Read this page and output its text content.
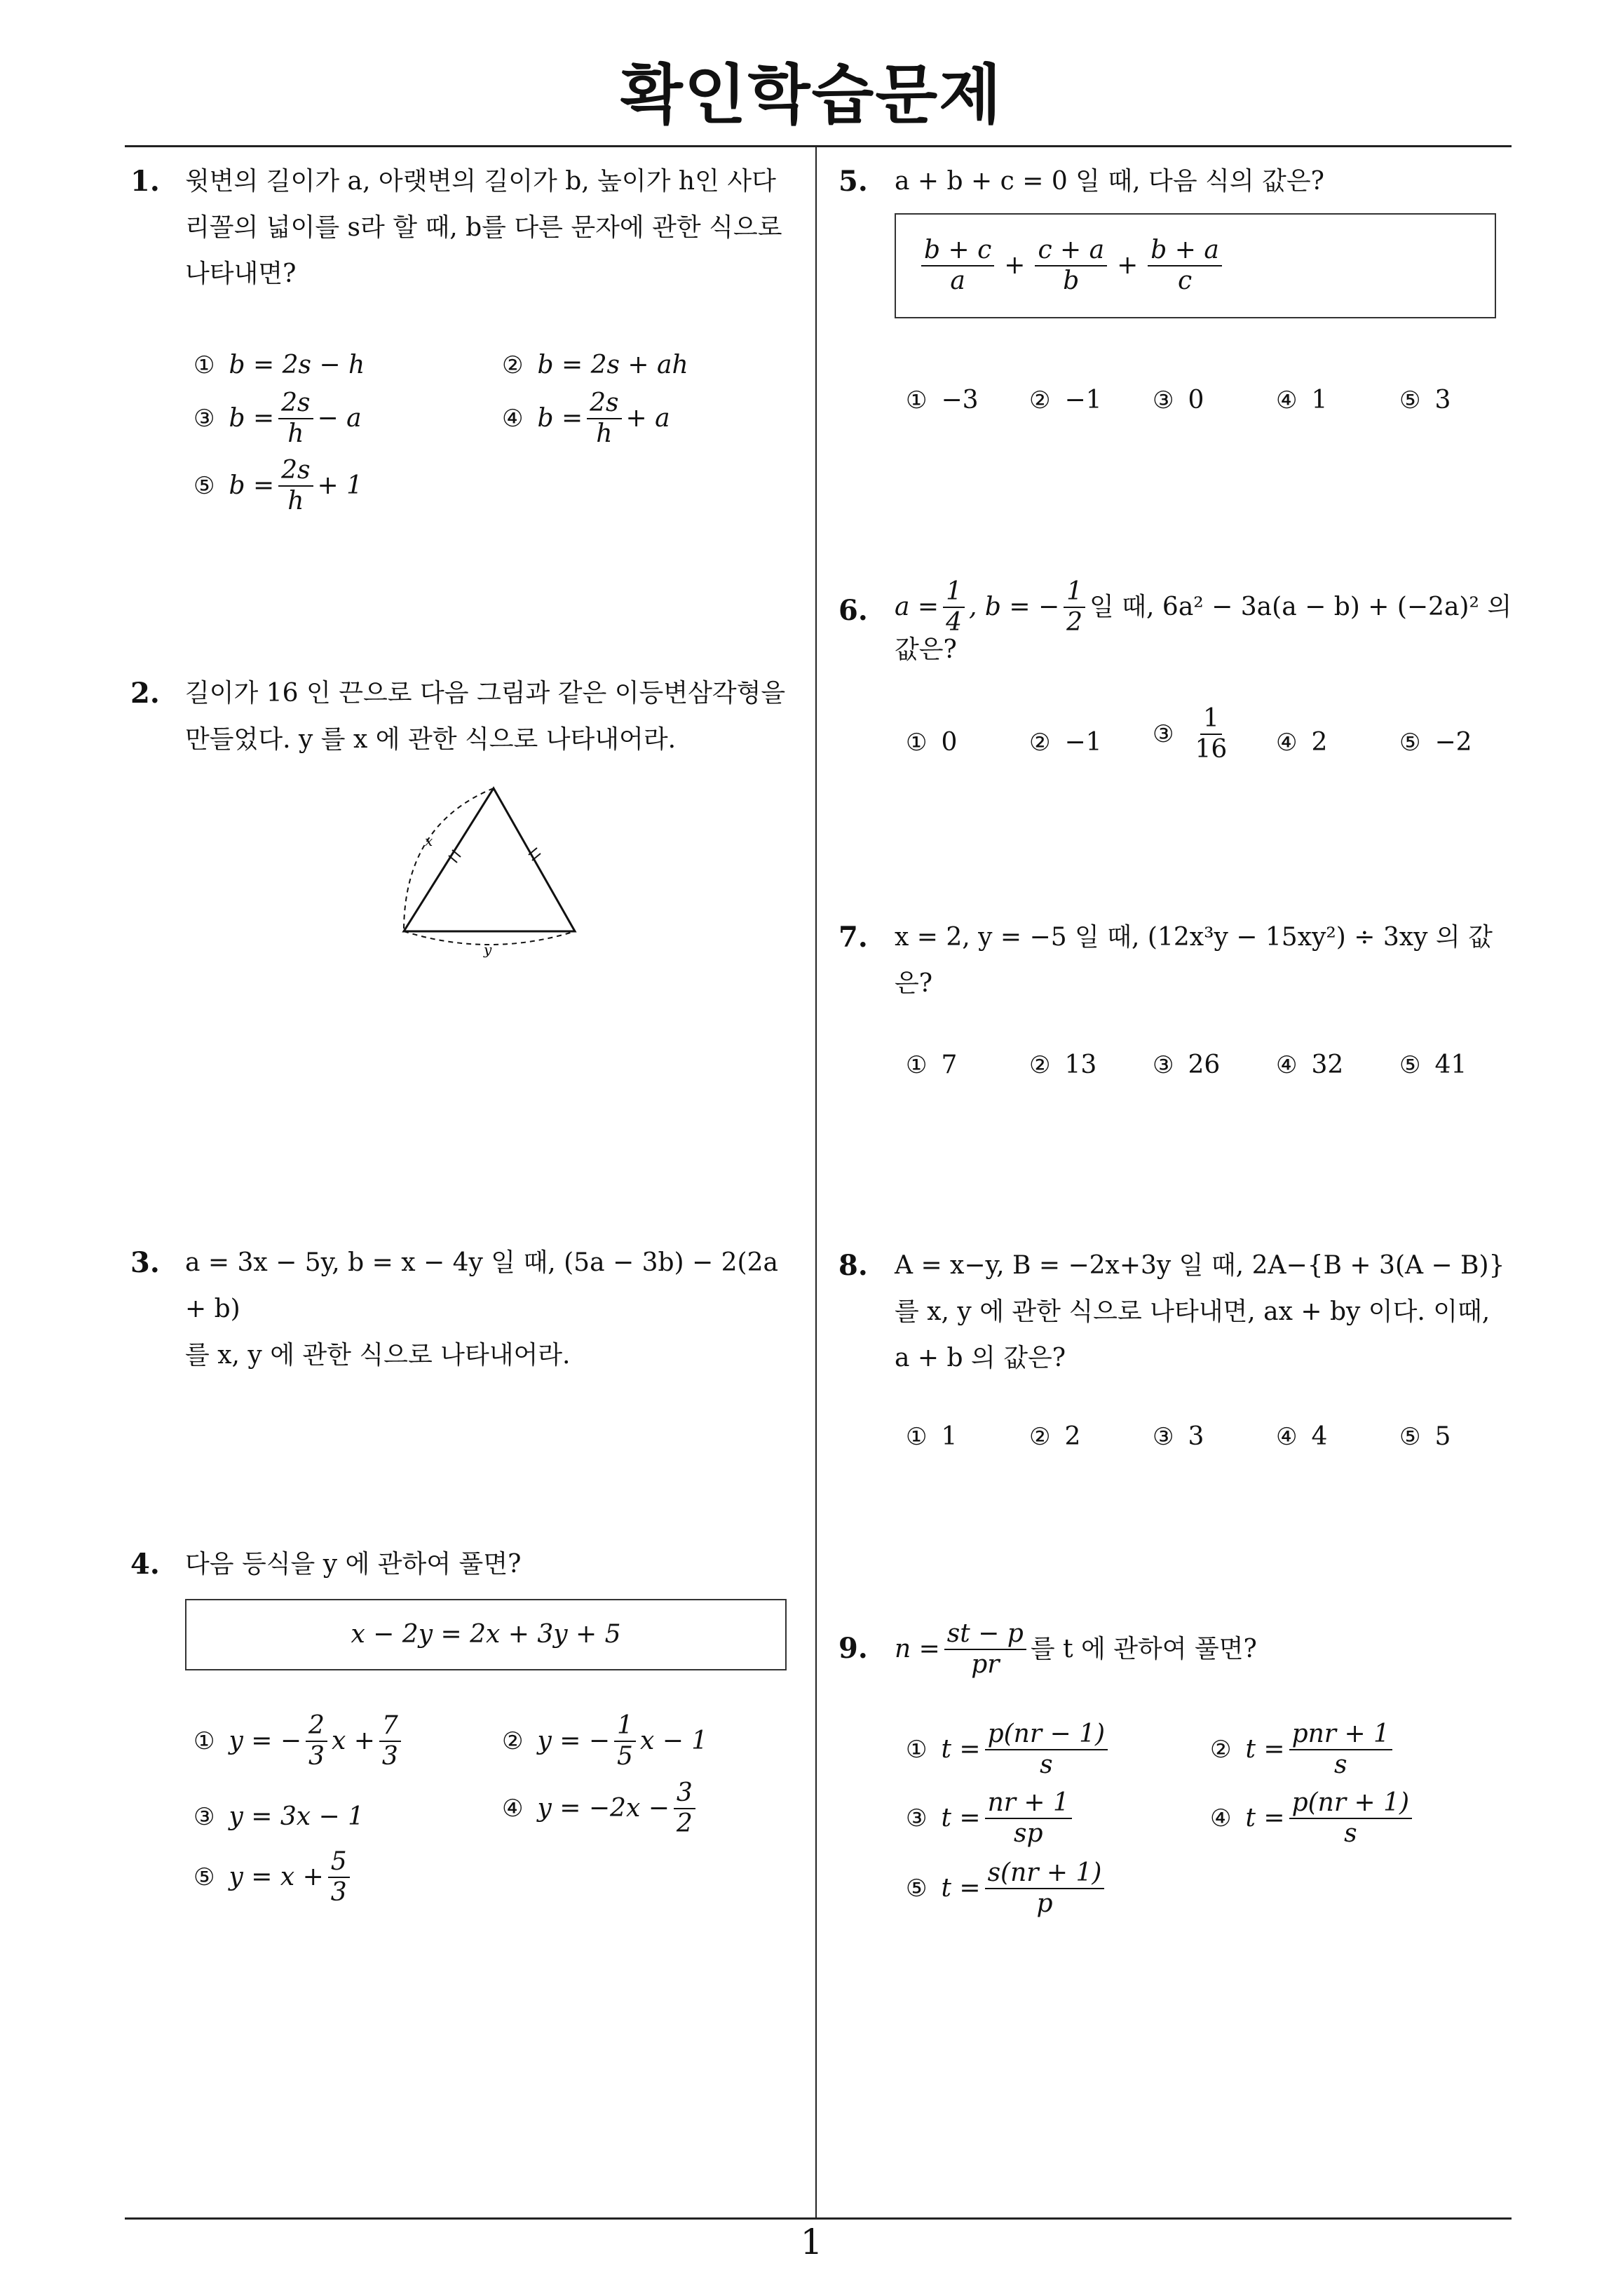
확인학습문제
1
1. 윗변의 길이가 a, 아랫변의 길이가 b, 높이가 h인 사다
리꼴의 넓이를 s라 할 때, b를 다른 문자에 관한 식으로
나타내면?
① b = 2s − h	② b = 2s + ah
③ $b = \frac{2s}{h} - a$	④ $b = \frac{2s}{h} + a$
⑤ $b = \frac{2s}{h} + 1$
2. 길이가 16 인 끈으로 다음 그림과 같은 이등변삼각형을
만들었다. y 를 x 에 관한 식으로 나타내어라.
x
y
3. a = 3x − 5y, b = x − 4y 일 때, (5a − 3b) − 2(2a + b)
를 x, y 에 관한 식으로 나타내어라.
4. 다음 등식을 y 에 관하여 풀면?
x − 2y = 2x + 3y + 5
① y = − $\frac{2}{3}$ $x + \frac{7}{3}$	② y = − $\frac{1}{5}$ x − 1
③ y = 3x − 1	④ $y = -2x - \frac{3}{2}$
⑤ $y = x + \frac{5}{3}$
5. a + b + c = 0 일 때, 다음 식의 값은?
$\frac{b + c}{a} + \frac{c + a}{b} + \frac{b + a}{c}$
① −3 ② −1 ③ 0	④ 1	⑤ 3
6. $a = \frac{1}{4}$ , b = − $\frac{1}{2}$ 일 때, 6a² − 3a(a − b) + (−2a)² 의
값은?
① 0	② −1 ③ $\frac{1}{16}$ ④ 2	⑤ −2
7. x = 2, y = −5 일 때, (12x³y − 15xy²) ÷ 3xy 의 값
은?
① 7	② 13 ③ 26 ④ 32 ⑤ 41
8. A = x−y, B = −2x+3y 일 때, 2A−{B + 3(A − B)}
를 x, y 에 관한 식으로 나타내면, ax + by 이다. 이때,
a + b 의 값은?
① 1	② 2	③ 3	④ 4	⑤ 5
9. $n = \frac{st - p}{pr}$ 를 t 에 관하여 풀면?
① $t = \frac{p(nr - 1)}{s}$	② $t = \frac{\text{pnr + 1}}{s}$
③ $t = \frac{nr + 1}{sp}$	④ $t = \frac{p(nr + 1)}{s}$
⑤ $t = \frac{s(nr + 1)}{p}$
